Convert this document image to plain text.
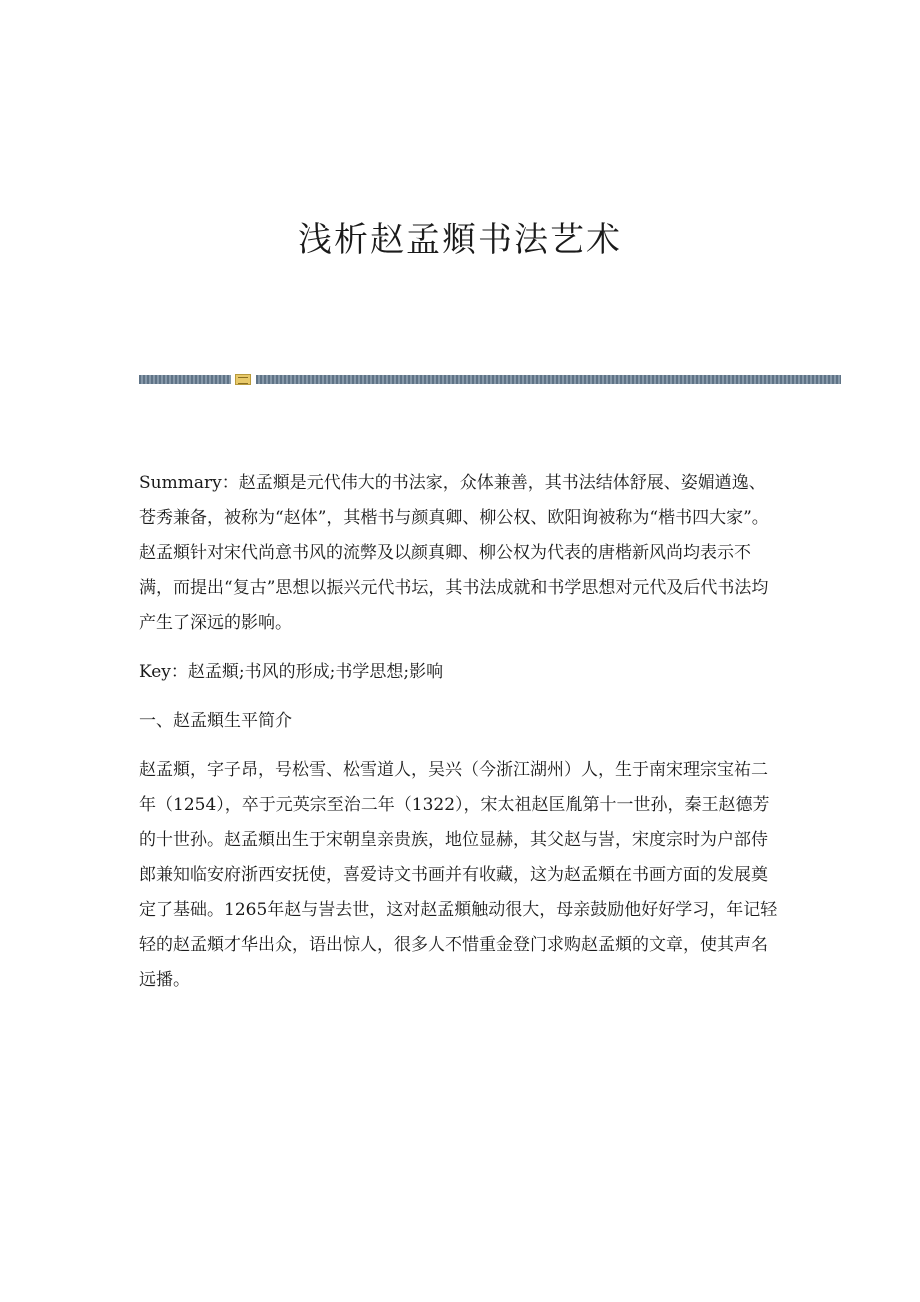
浅析赵孟頫书法艺术

Summary：赵孟頫是元代伟大的书法家，众体兼善，其书法结体舒展、姿媚遒逸、苍秀兼备，被称为“赵体”，其楷书与颜真卿、柳公权、欧阳询被称为“楷书四大家”。赵孟頫针对宋代尚意书风的流弊及以颜真卿、柳公权为代表的唐楷新风尚均表示不满，而提出“复古”思想以振兴元代书坛，其书法成就和书学思想对元代及后代书法均产生了深远的影响。

Key：赵孟頫;书风的形成;书学思想;影响

一、赵孟頫生平简介

赵孟頫，字子昂，号松雪、松雪道人，吴兴（今浙江湖州）人，生于南宋理宗宝祐二年（1254），卒于元英宗至治二年（1322），宋太祖赵匡胤第十一世孙，秦王赵德芳的十世孙。赵孟頫出生于宋朝皇亲贵族，地位显赫，其父赵与訔，宋度宗时为户部侍郎兼知临安府浙西安抚使，喜爱诗文书画并有收藏，这为赵孟頫在书画方面的发展奠定了基础。1265年赵与訔去世，这对赵孟頫触动很大，母亲鼓励他好好学习，年记轻轻的赵孟頫才华出众，语出惊人，很多人不惜重金登门求购赵孟頫的文章，使其声名远播。
